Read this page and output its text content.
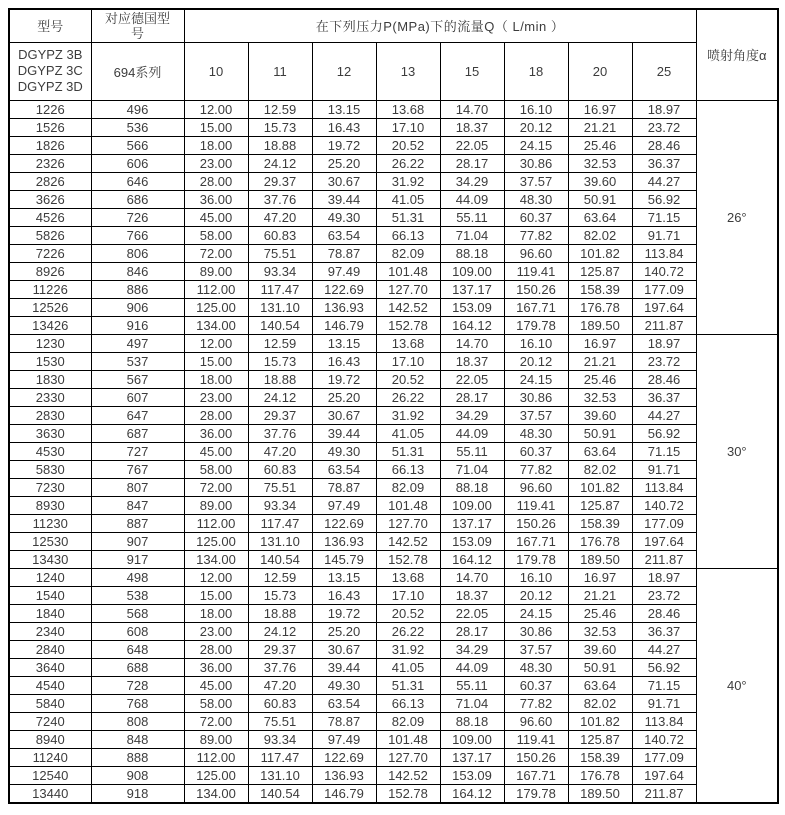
型号	对应德国型号	在下列压力P(MPa)下的流量Q（ L/min ）								喷射角度α

DGYPZ 3B
DGYPZ 3C
DGYPZ 3D	694系列	10	11	12	13	15	18	20	25	
1226	496	12.00	12.59	13.15	13.68	14.70	16.10	16.97	18.97	26°
1526	536	15.00	15.73	16.43	17.10	18.37	20.12	21.21	23.72	
1826	566	18.00	18.88	19.72	20.52	22.05	24.15	25.46	28.46	
2326	606	23.00	24.12	25.20	26.22	28.17	30.86	32.53	36.37	
2826	646	28.00	29.37	30.67	31.92	34.29	37.57	39.60	44.27	
3626	686	36.00	37.76	39.44	41.05	44.09	48.30	50.91	56.92	
4526	726	45.00	47.20	49.30	51.31	55.11	60.37	63.64	71.15	
5826	766	58.00	60.83	63.54	66.13	71.04	77.82	82.02	91.71	
7226	806	72.00	75.51	78.87	82.09	88.18	96.60	101.82	113.84	
8926	846	89.00	93.34	97.49	101.48	109.00	119.41	125.87	140.72	
11226	886	112.00	117.47	122.69	127.70	137.17	150.26	158.39	177.09	
12526	906	125.00	131.10	136.93	142.52	153.09	167.71	176.78	197.64	
13426	916	134.00	140.54	146.79	152.78	164.12	179.78	189.50	211.87	
1230	497	12.00	12.59	13.15	13.68	14.70	16.10	16.97	18.97	30°
1530	537	15.00	15.73	16.43	17.10	18.37	20.12	21.21	23.72	
1830	567	18.00	18.88	19.72	20.52	22.05	24.15	25.46	28.46	
2330	607	23.00	24.12	25.20	26.22	28.17	30.86	32.53	36.37	
2830	647	28.00	29.37	30.67	31.92	34.29	37.57	39.60	44.27	
3630	687	36.00	37.76	39.44	41.05	44.09	48.30	50.91	56.92	
4530	727	45.00	47.20	49.30	51.31	55.11	60.37	63.64	71.15	
5830	767	58.00	60.83	63.54	66.13	71.04	77.82	82.02	91.71	
7230	807	72.00	75.51	78.87	82.09	88.18	96.60	101.82	113.84	
8930	847	89.00	93.34	97.49	101.48	109.00	119.41	125.87	140.72	
11230	887	112.00	117.47	122.69	127.70	137.17	150.26	158.39	177.09	
12530	907	125.00	131.10	136.93	142.52	153.09	167.71	176.78	197.64	
13430	917	134.00	140.54	145.79	152.78	164.12	179.78	189.50	211.87	
1240	498	12.00	12.59	13.15	13.68	14.70	16.10	16.97	18.97	40°
1540	538	15.00	15.73	16.43	17.10	18.37	20.12	21.21	23.72	
1840	568	18.00	18.88	19.72	20.52	22.05	24.15	25.46	28.46	
2340	608	23.00	24.12	25.20	26.22	28.17	30.86	32.53	36.37	
2840	648	28.00	29.37	30.67	31.92	34.29	37.57	39.60	44.27	
3640	688	36.00	37.76	39.44	41.05	44.09	48.30	50.91	56.92	
4540	728	45.00	47.20	49.30	51.31	55.11	60.37	63.64	71.15	
5840	768	58.00	60.83	63.54	66.13	71.04	77.82	82.02	91.71	
7240	808	72.00	75.51	78.87	82.09	88.18	96.60	101.82	113.84	
8940	848	89.00	93.34	97.49	101.48	109.00	119.41	125.87	140.72	
11240	888	112.00	117.47	122.69	127.70	137.17	150.26	158.39	177.09	
12540	908	125.00	131.10	136.93	142.52	153.09	167.71	176.78	197.64	
13440	918	134.00	140.54	146.79	152.78	164.12	179.78	189.50	211.87	
